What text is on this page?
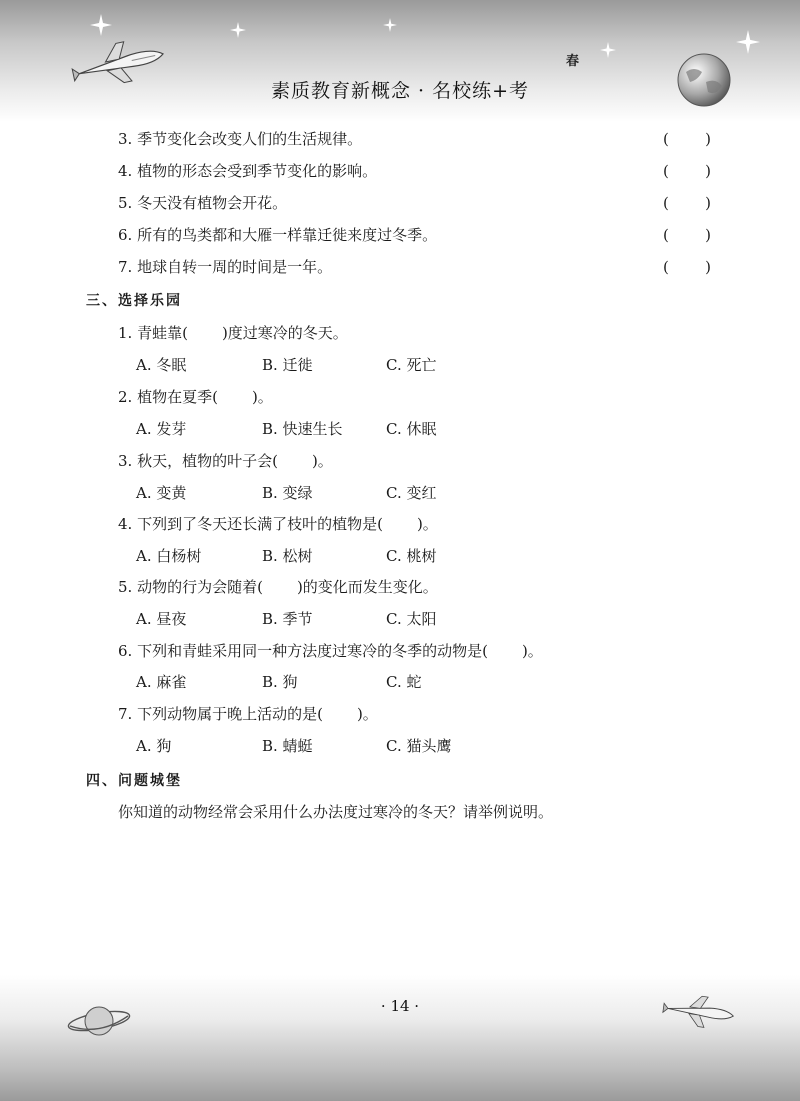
素质教育新概念 · 名校练+考
春
3. 季节变化会改变人们的生活规律。	( )
4. 植物的形态会受到季节变化的影响。	( )
5. 冬天没有植物会开花。	( )
6. 所有的鸟类都和大雁一样靠迁徙来度过冬季。	( )
7. 地球自转一周的时间是一年。	( )
三、选择乐园
1. 青蛙靠( )度过寒冷的冬天。
A. 冬眠	B. 迁徙	C. 死亡
2. 植物在夏季( )。
A. 发芽	B. 快速生长	C. 休眠
3. 秋天，植物的叶子会( )。
A. 变黄	B. 变绿	C. 变红
4. 下列到了冬天还长满了枝叶的植物是( )。
A. 白杨树	B. 松树	C. 桃树
5. 动物的行为会随着( )的变化而发生变化。
A. 昼夜	B. 季节	C. 太阳
6. 下列和青蛙采用同一种方法度过寒冷的冬季的动物是( )。
A. 麻雀	B. 狗	C. 蛇
7. 下列动物属于晚上活动的是( )。
A. 狗	B. 蜻蜓	C. 猫头鹰
四、问题城堡
你知道的动物经常会采用什么办法度过寒冷的冬天？请举例说明。
· 14 ·
